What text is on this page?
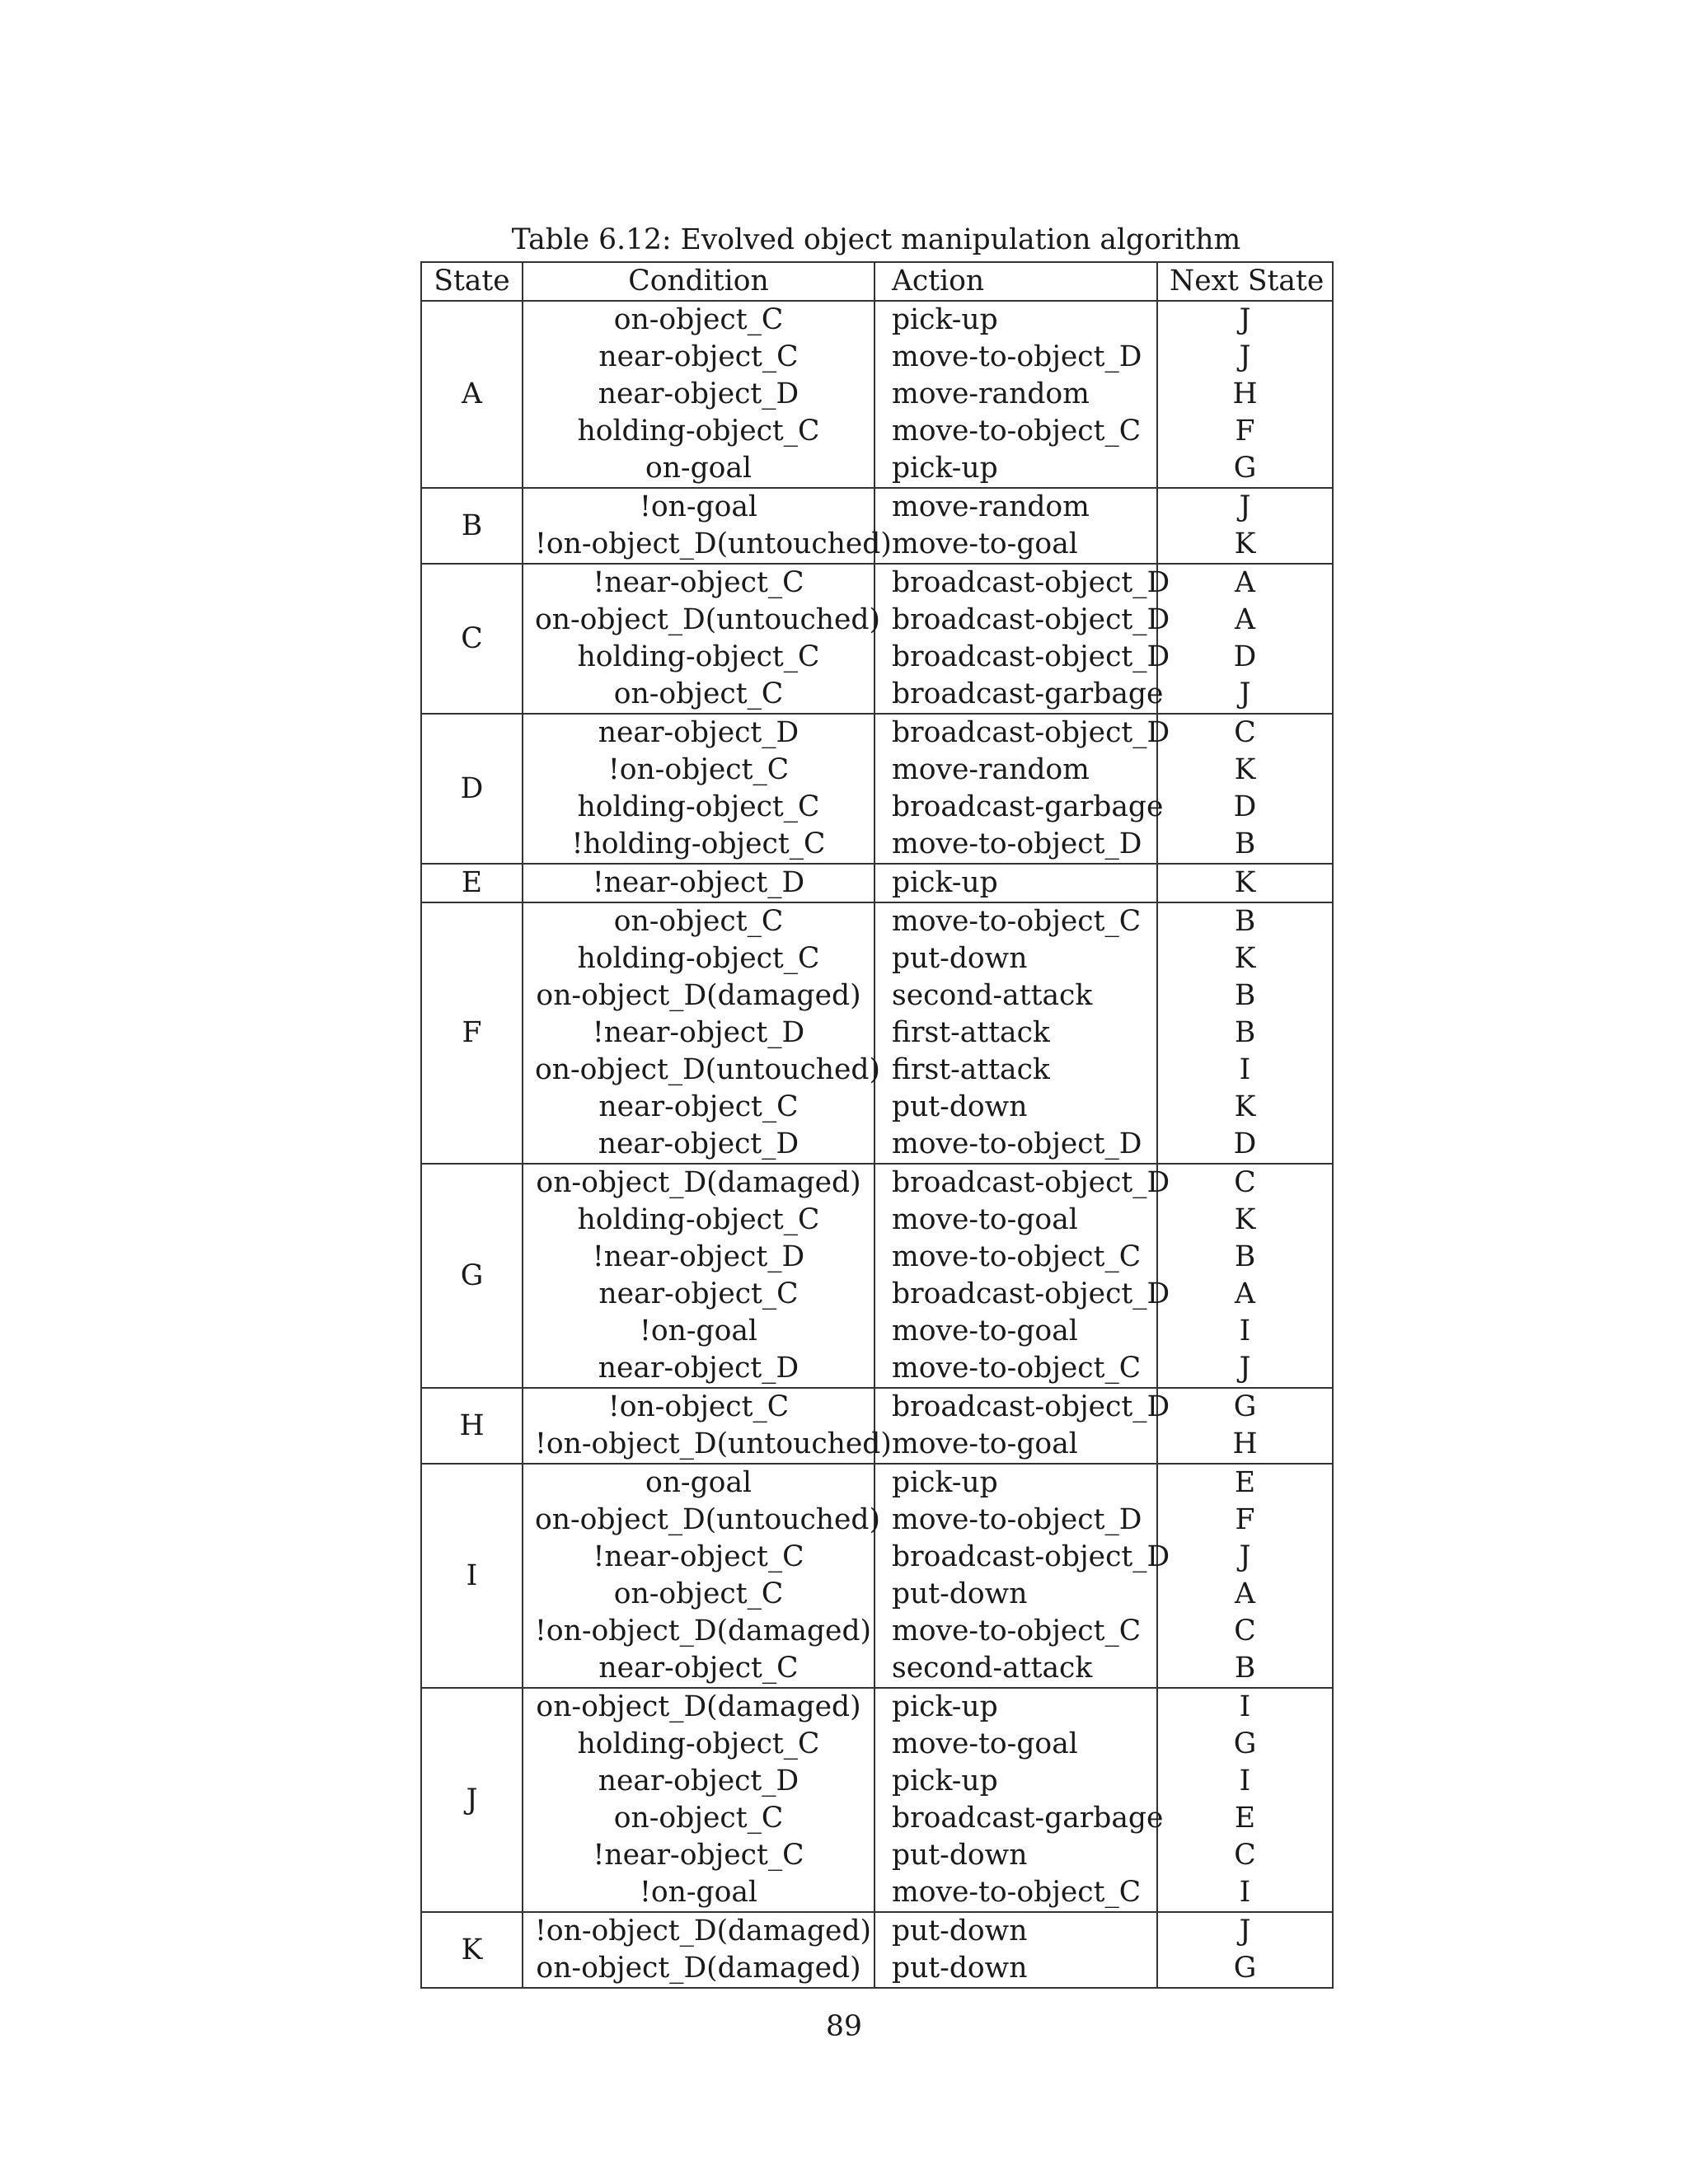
Table 6.12: Evolved object manipulation algorithm
State	Condition	Action	Next State
A	on-object_C	pick-up	J
	near-object_C	move-to-object_D	J
	near-object_D	move-random	H
	holding-object_C	move-to-object_C	F
	on-goal	pick-up	G
B	!on-goal	move-random	J
	!on-object_D(untouched)	move-to-goal	K
C	!near-object_C	broadcast-object_D	A
	on-object_D(untouched)	broadcast-object_D	A
	holding-object_C	broadcast-object_D	D
	on-object_C	broadcast-garbage	J
D	near-object_D	broadcast-object_D	C
	!on-object_C	move-random	K
	holding-object_C	broadcast-garbage	D
	!holding-object_C	move-to-object_D	B
E	!near-object_D	pick-up	K
F	on-object_C	move-to-object_C	B
	holding-object_C	put-down	K
	on-object_D(damaged)	second-attack	B
	!near-object_D	first-attack	B
	on-object_D(untouched)	first-attack	I
	near-object_C	put-down	K
	near-object_D	move-to-object_D	D
G	on-object_D(damaged)	broadcast-object_D	C
	holding-object_C	move-to-goal	K
	!near-object_D	move-to-object_C	B
	near-object_C	broadcast-object_D	A
	!on-goal	move-to-goal	I
	near-object_D	move-to-object_C	J
H	!on-object_C	broadcast-object_D	G
	!on-object_D(untouched)	move-to-goal	H
I	on-goal	pick-up	E
	on-object_D(untouched)	move-to-object_D	F
	!near-object_C	broadcast-object_D	J
	on-object_C	put-down	A
	!on-object_D(damaged)	move-to-object_C	C
	near-object_C	second-attack	B
J	on-object_D(damaged)	pick-up	I
	holding-object_C	move-to-goal	G
	near-object_D	pick-up	I
	on-object_C	broadcast-garbage	E
	!near-object_C	put-down	C
	!on-goal	move-to-object_C	I
K	!on-object_D(damaged)	put-down	J
	on-object_D(damaged)	put-down	G
89
